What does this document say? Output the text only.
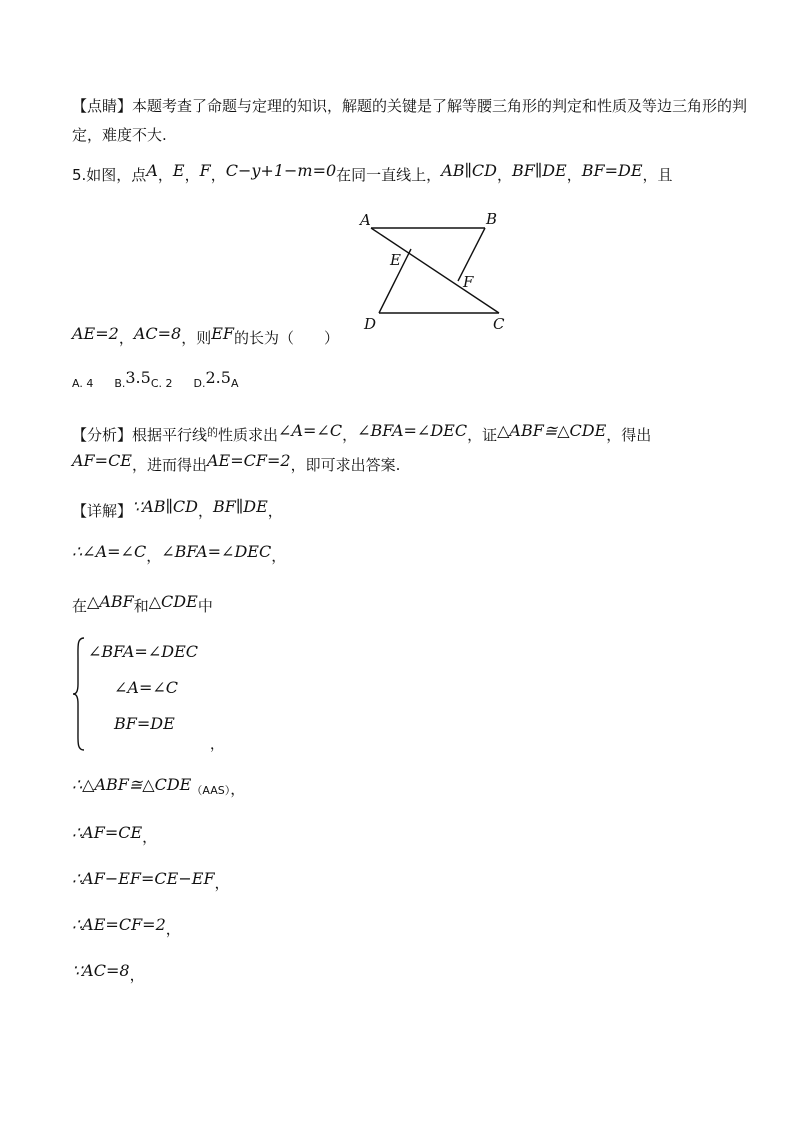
【点睛】本题考查了命题与定理的知识，解题的关键是了解等腰三角形的判定和性质及等边三角形的判
定，难度不大.
5.如图，点A，E，F，C−y+1−m=0在同一直线上，AB∥CD，BF∥DE，BF=DE，且
A	B
E
F
D	C
AE=2，AC=8，则EF的长为（　　）
A. 4 B.3.5C. 2 D.2.5A
【分析】根据平行线$^的$性质求出∠A=∠C，∠BFA=∠DEC，证△ABF≅△CDE，得出
AF=CE，进而得出AE=CF=2，即可求出答案.
【详解】∵AB∥CD，BF∥DE，
∴∠A=∠C，∠BFA=∠DEC，
在△ABF和△CDE中
∠BFA=∠DEC
∠A=∠C
BF=DE
，
∴△ABF≅△CDE（AAS），
∴AF=CE，
∴AF−EF=CE−EF，
∴AE=CF=2，
∵AC=8，
